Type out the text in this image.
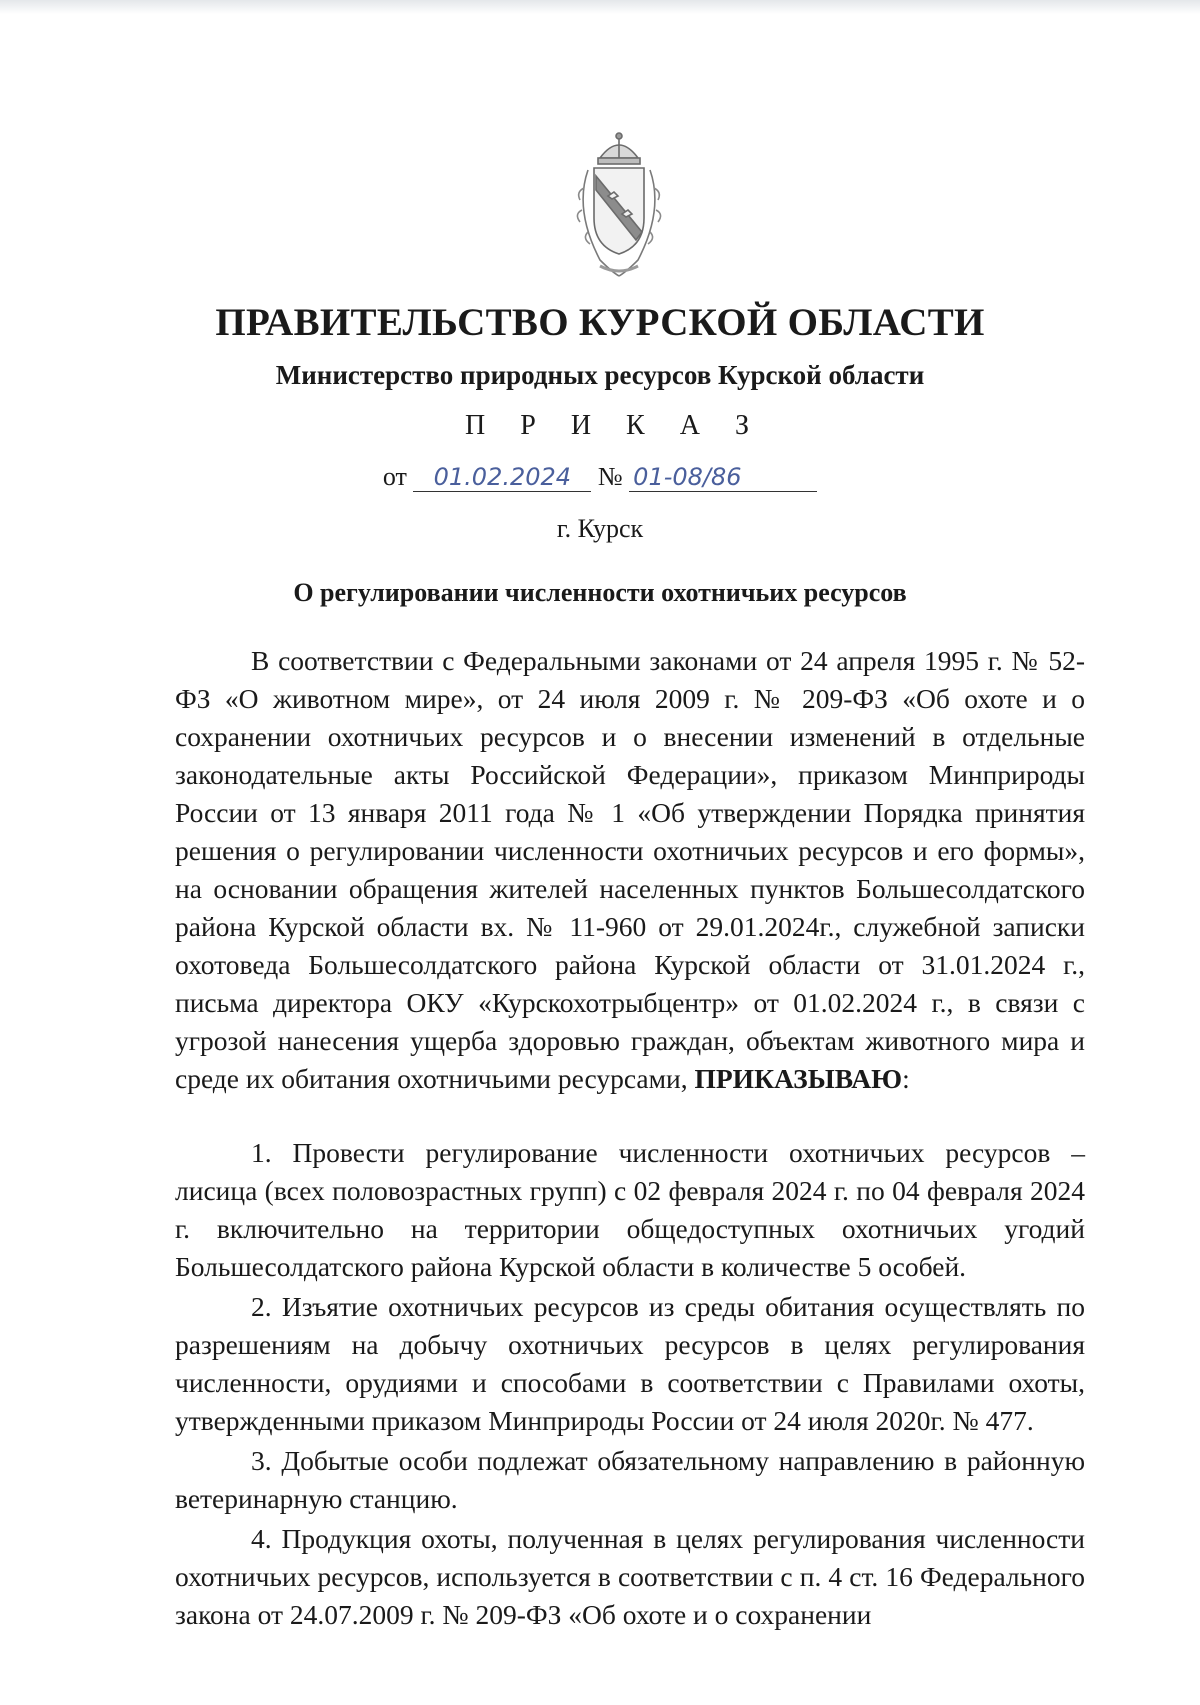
ПРАВИТЕЛЬСТВО КУРСКОЙ ОБЛАСТИ
Министерство природных ресурсов Курской области
П Р И К А З
от 01.02.2024 № 01-08/86
г. Курск
О регулировании численности охотничьих ресурсов

В соответствии с Федеральными законами от 24 апреля 1995 г. № 52-ФЗ «О животном мире», от 24 июля 2009 г. № 209-ФЗ «Об охоте и о сохранении охотничьих ресурсов и о внесении изменений в отдельные законодательные акты Российской Федерации», приказом Минприроды России от 13 января 2011 года № 1 «Об утверждении Порядка принятия решения о регулировании численности охотничьих ресурсов и его формы», на основании обращения жителей населенных пунктов Большесолдатского района Курской области вх. № 11-960 от 29.01.2024г., служебной записки охотоведа Большесолдатского района Курской области от 31.01.2024 г., письма директора ОКУ «Курскохотрыбцентр» от 01.02.2024 г., в связи с угрозой нанесения ущерба здоровью граждан, объектам животного мира и среде их обитания охотничьими ресурсами, ПРИКАЗЫВАЮ:

1. Провести регулирование численности охотничьих ресурсов – лисица (всех половозрастных групп) с 02 февраля 2024 г. по 04 февраля 2024 г. включительно на территории общедоступных охотничьих угодий Большесолдатского района Курской области в количестве 5 особей.

2. Изъятие охотничьих ресурсов из среды обитания осуществлять по разрешениям на добычу охотничьих ресурсов в целях регулирования численности, орудиями и способами в соответствии с Правилами охоты, утвержденными приказом Минприроды России от 24 июля 2020г. № 477.

3. Добытые особи подлежат обязательному направлению в районную ветеринарную станцию.

4. Продукция охоты, полученная в целях регулирования численности охотничьих ресурсов, используется в соответствии с п. 4 ст. 16 Федерального закона от 24.07.2009 г. № 209-ФЗ «Об охоте и о сохранении
